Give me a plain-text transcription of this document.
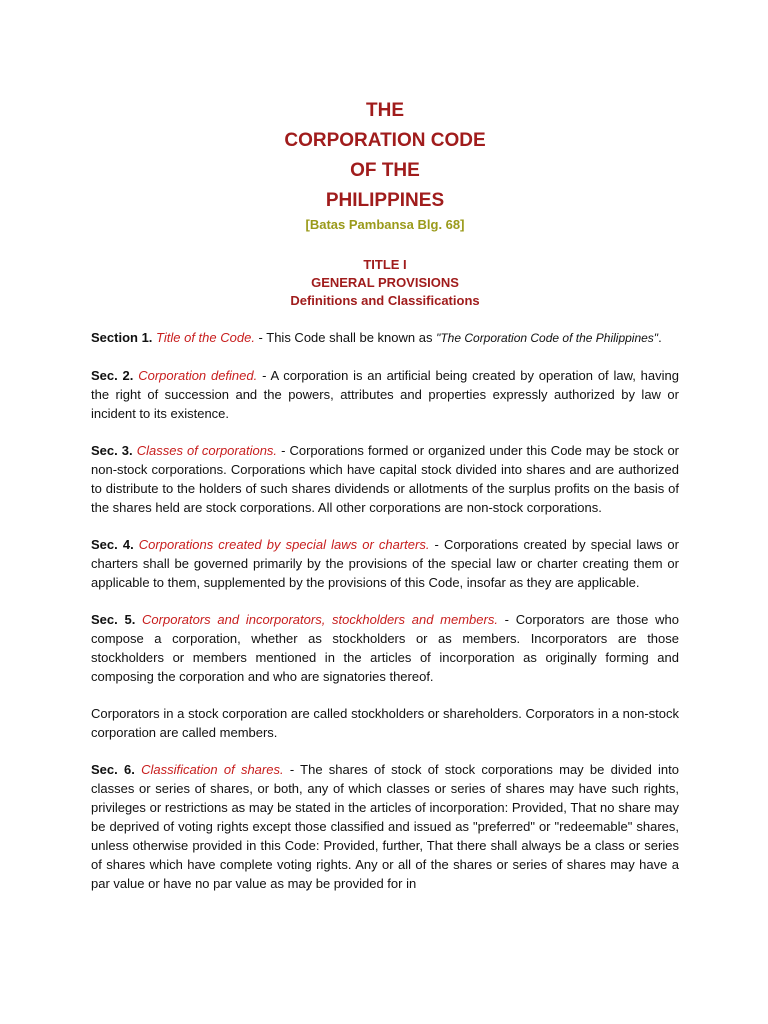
THE
CORPORATION CODE
OF THE
PHILIPPINES
[Batas Pambansa Blg. 68]
TITLE I
GENERAL PROVISIONS
Definitions and Classifications

Section 1. Title of the Code. - This Code shall be known as "The Corporation Code of the Philippines".

Sec. 2. Corporation defined. - A corporation is an artificial being created by operation of law, having the right of succession and the powers, attributes and properties expressly authorized by law or incident to its existence.

Sec. 3. Classes of corporations. - Corporations formed or organized under this Code may be stock or non-stock corporations. Corporations which have capital stock divided into shares and are authorized to distribute to the holders of such shares dividends or allotments of the surplus profits on the basis of the shares held are stock corporations. All other corporations are non-stock corporations.

Sec. 4. Corporations created by special laws or charters. - Corporations created by special laws or charters shall be governed primarily by the provisions of the special law or charter creating them or applicable to them, supplemented by the provisions of this Code, insofar as they are applicable.

Sec. 5. Corporators and incorporators, stockholders and members. - Corporators are those who compose a corporation, whether as stockholders or as members. Incorporators are those stockholders or members mentioned in the articles of incorporation as originally forming and composing the corporation and who are signatories thereof.

Corporators in a stock corporation are called stockholders or shareholders. Corporators in a non-stock corporation are called members.

Sec. 6. Classification of shares. - The shares of stock of stock corporations may be divided into classes or series of shares, or both, any of which classes or series of shares may have such rights, privileges or restrictions as may be stated in the articles of incorporation: Provided, That no share may be deprived of voting rights except those classified and issued as "preferred" or "redeemable" shares, unless otherwise provided in this Code: Provided, further, That there shall always be a class or series of shares which have complete voting rights. Any or all of the shares or series of shares may have a par value or have no par value as may be provided for in
